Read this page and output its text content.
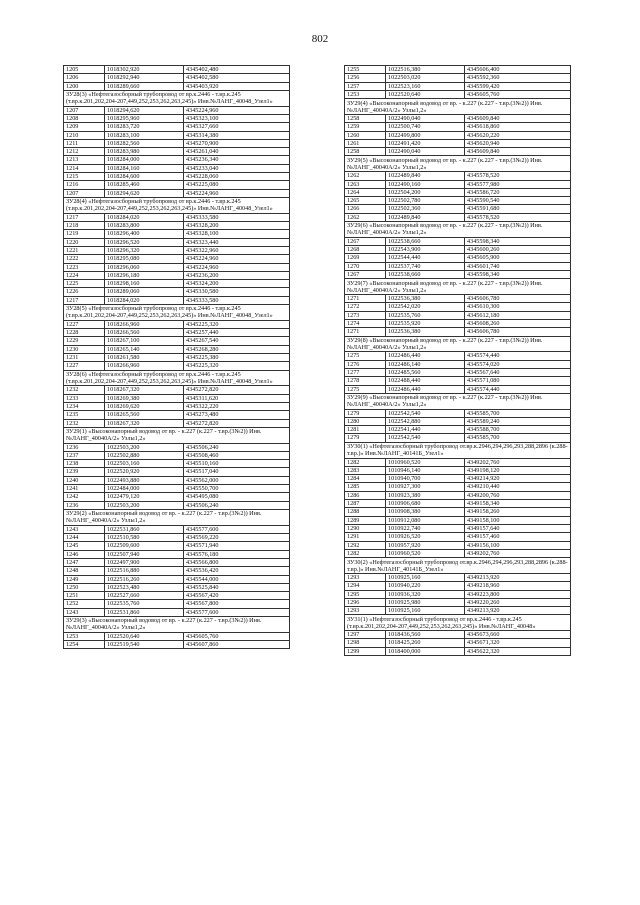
802
1205	1018302,920	4345402,480
1206	1018292,940	4345402,580
1200	1018289,660	4345403,920
ЗУ28(3) «Нефтегазосборный трубопровод от вр.к.2446 - т.вр.к.245 (т.вр.к.201,202,204-207,449,252,253,262,263,245)» Инв.№ЛАНГ_40048_Узел1»		
1207	1018294,620	4345224,960
1208	1018295,960	4345323,100
1209	1018283,720	4345327,660
1210	1018283,100	4345314,380
1211	1018282,560	4345270,900
1212	1018283,980	4345261,040
1213	1018284,000	4345236,340
1214	1018284,160	4345233,040
1215	1018284,600	4345228,060
1216	1018285,460	4345225,080
1207	1018294,620	4345224,960
ЗУ28(4) «Нефтегазосборный трубопровод от вр.к.2446 - т.вр.к.245 (т.вр.к.201,202,204-207,449,252,253,262,263,245)» Инв.№ЛАНГ_40048_Узел1»		
1217	1018284,020	4345333,580
1218	1018283,800	4345328,200
1219	1018296,400	4345328,100
1220	1018296,520	4345323,440
1221	1018296,320	4345322,960
1222	1018295,080	4345224,960
1223	1018296,060	4345224,960
1224	1018296,180	4345236,200
1225	1018298,160	4345324,200
1226	1018289,060	4345330,580
1217	1018284,020	4345333,580
ЗУ28(5) «Нефтегазосборный трубопровод от вр.к.2446 - т.вр.к.245 (т.вр.к.201,202,204-207,449,252,253,262,263,245)» Инв.№ЛАНГ_40048_Узел1»		
1227	1018266,960	4345225,320
1228	1018266,560	4345257,440
1229	1018267,100	4345267,540
1230	1018265,140	4345268,280
1231	1018261,580	4345225,380
1227	1018266,960	4345225,320
ЗУ28(6) «Нефтегазосборный трубопровод от вр.к.2446 - т.вр.к.245 (т.вр.к.201,202,204-207,449,252,253,262,263,245)» Инв.№ЛАНГ_40048_Узел1»		
1232	1018267,320	4345272,820
1233	1018269,380	4345311,620
1234	1018269,620	4345322,220
1235	1018265,560	4345273,480
1232	1018267,320	4345272,820
ЗУ29(1) «Высоконапорный водовод от вр. - к.227 (к.227 - т.вр.(3№2)) Инв. №ЛАНГ_40040А/2» Узлы1,2»		
1236	1022503,200	4345506,240
1237	1022502,880	4345508,460
1238	1022503,160	4345510,160
1239	1022520,920	4345517,040
1240	1022493,880	4345562,000
1241	1022484,000	4345550,700
1242	1022479,120	4345495,080
1236	1022503,200	4345506,240
ЗУ29(2) «Высоконапорный водовод от вр. - к.227 (к.227 - т.вр.(3№2)) Инв. №ЛАНГ_40040А/2» Узлы1,2»		
1243	1022531,860	4345577,600
1244	1022510,580	4345569,220
1245	1022509,600	4345571,940
1246	1022507,940	4345576,180
1247	1022497,900	4345566,800
1248	1022516,880	4345536,420
1249	1022516,260	4345544,000
1250	1022523,480	4345525,840
1251	1022527,660	4345567,420
1252	1022535,760	4345567,800
1243	1022531,860	4345577,600
ЗУ29(3) «Высоконапорный водовод от вр. - к.227 (к.227 - т.вр.(3№2)) Инв. №ЛАНГ_40040А/2» Узлы1,2»		
1253	1022520,640	4345605,760
1254	1022519,540	4345607,860
1255	1022516,380	4345606,400
1256	1022503,020	4345592,360
1257	1022523,160	4345599,420
1253	1022520,640	4345605,760
ЗУ29(4) «Высоконапорный водовод от вр. - к.227 (к.227 - т.вр.(3№2)) Инв. №ЛАНГ_40040А/2» Узлы1,2»		
1258	1022490,040	4345609,840
1259	1022500,740	4345618,860
1260	1022499,800	4345620,220
1261	1022491,420	4345620,940
1258	1022490,040	4345609,840
ЗУ29(5) «Высоконапорный водовод от вр. - к.227 (к.227 - т.вр.(3№2)) Инв. №ЛАНГ_40040А/2» Узлы1,2»		
1262	1022489,840	4345578,520
1263	1022490,160	4345577,980
1264	1022504,200	4345586,720
1265	1022502,780	4345590,540
1266	1022502,360	4345591,680
1262	1022489,840	4345578,520
ЗУ29(6) «Высоконапорный водовод от вр. - к.227 (к.227 - т.вр.(3№2)) Инв. №ЛАНГ_40040А/2» Узлы1,2»		
1267	1022538,660	4345598,340
1268	1022543,900	4345600,260
1269	1022544,440	4345605,900
1270	1022537,740	4345601,740
1267	1022538,660	4345598,340
ЗУ29(7) «Высоконапорный водовод от вр. - к.227 (к.227 - т.вр.(3№2)) Инв. №ЛАНГ_40040А/2» Узлы1,2»		
1271	1022536,380	4345606,780
1272	1022542,020	4345610,300
1273	1022535,760	4345612,180
1274	1022535,920	4345608,260
1271	1022536,380	4345606,780
ЗУ29(8) «Высоконапорный водовод от вр. - к.227 (к.227 - т.вр.(3№2)) Инв. №ЛАНГ_40040А/2» Узлы1,2»		
1275	1022486,440	4345574,440
1276	1022486,140	4345574,020
1277	1022485,560	4345567,640
1278	1022488,440	4345571,080
1275	1022486,440	4345574,440
ЗУ29(9) «Высоконапорный водовод от вр. - к.227 (к.227 - т.вр.(3№2)) Инв. №ЛАНГ_40040А/2» Узлы1,2»		
1279	1022542,540	4345585,700
1280	1022542,880	4345589,240
1281	1022541,440	4345588,700
1279	1022542,540	4345585,700
ЗУ30(1) «Нефтегазосборный трубопровод от.вр.к.2946,294,296,293,288,2896 (к.288-т.вр.)» Инв.№ЛАНГ_40141Б_Узел1»		
1282	1010960,520	4349202,760
1283	1010946,140	4349198,120
1284	1010940,700	4349214,920
1285	1010927,300	4349210,440
1286	1010923,380	4349200,760
1287	1010906,680	4349158,340
1288	1010908,380	4349158,260
1289	1010912,080	4349158,100
1290	1010922,740	4349157,640
1291	1010926,520	4349157,460
1292	1010957,920	4349156,100
1282	1010960,520	4349202,760
ЗУ30(2) «Нефтегазосборный трубопровод от.вр.к.2946,294,296,293,288,2896 (к.288-т.вр.)» Инв.№ЛАНГ_40141Б_Узел1»		
1293	1010925,160	4349213,920
1294	1010940,220	4349218,960
1295	1010936,320	4349223,800
1296	1010925,980	4349220,260
1293	1010925,160	4349213,920
ЗУ31(1) «Нефтегазосборный трубопровод от вр.к.2446 - т.вр.к.245 (т.вр.к.201,202,204-207,449,252,253,262,263,245)» Инв.№ЛАНГ_40048»		
1297	1018436,560	4345673,660
1298	1018425,260	4345671,320
1299	1018400,000	4345622,320
